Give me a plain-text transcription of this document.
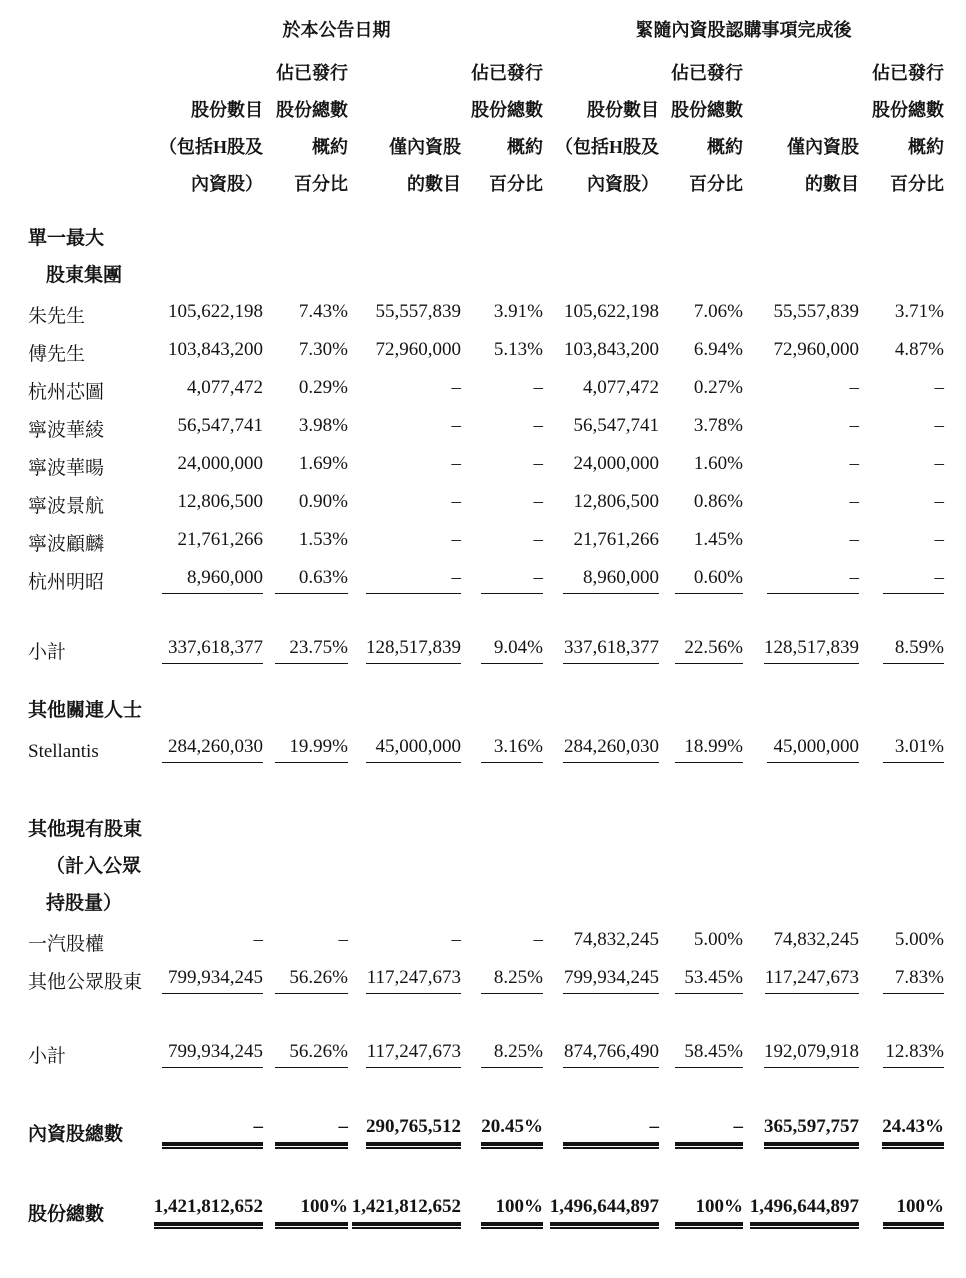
	於本公告日期				緊隨內資股認購事項完成後			
		佔已發行		佔已發行		佔已發行		佔已發行
	股份數目	股份總數		股份總數	股份數目	股份總數		股份總數
	（包括H股及	概約	僅內資股	概約	（包括H股及	概約	僅內資股	概約
	內資股）	百分比	的數目	百分比	內資股）	百分比	的數目	百分比

單一最大
股東集團								

朱先生	105,622,198	7.43%	55,557,839	3.91%	105,622,198	7.06%	55,557,839	3.71%
傅先生	103,843,200	7.30%	72,960,000	5.13%	103,843,200	6.94%	72,960,000	4.87%
杭州芯圖	4,077,472	0.29%	–	–	4,077,472	0.27%	–	–
寧波華綾	56,547,741	3.98%	–	–	56,547,741	3.78%	–	–
寧波華暘	24,000,000	1.69%	–	–	24,000,000	1.60%	–	–
寧波景航	12,806,500	0.90%	–	–	12,806,500	0.86%	–	–
寧波顧麟	21,761,266	1.53%	–	–	21,761,266	1.45%	–	–
杭州明昭	8,960,000	0.63%	–	–	8,960,000	0.60%	–	–
小計	337,618,377	23.75%	128,517,839	9.04%	337,618,377	22.56%	128,517,839	8.59%

其他關連人士								

Stellantis	284,260,030	19.99%	45,000,000	3.16%	284,260,030	18.99%	45,000,000	3.01%

其他現有股東
（計入公眾
持股量）								

一汽股權	–	–	–	–	74,832,245	5.00%	74,832,245	5.00%
其他公眾股東	799,934,245	56.26%	117,247,673	8.25%	799,934,245	53.45%	117,247,673	7.83%
小計	799,934,245	56.26%	117,247,673	8.25%	874,766,490	58.45%	192,079,918	12.83%
內資股總數	–	–	290,765,512	20.45%	–	–	365,597,757	24.43%
股份總數	1,421,812,652	100%	1,421,812,652	100%	1,496,644,897	100%	1,496,644,897	100%
